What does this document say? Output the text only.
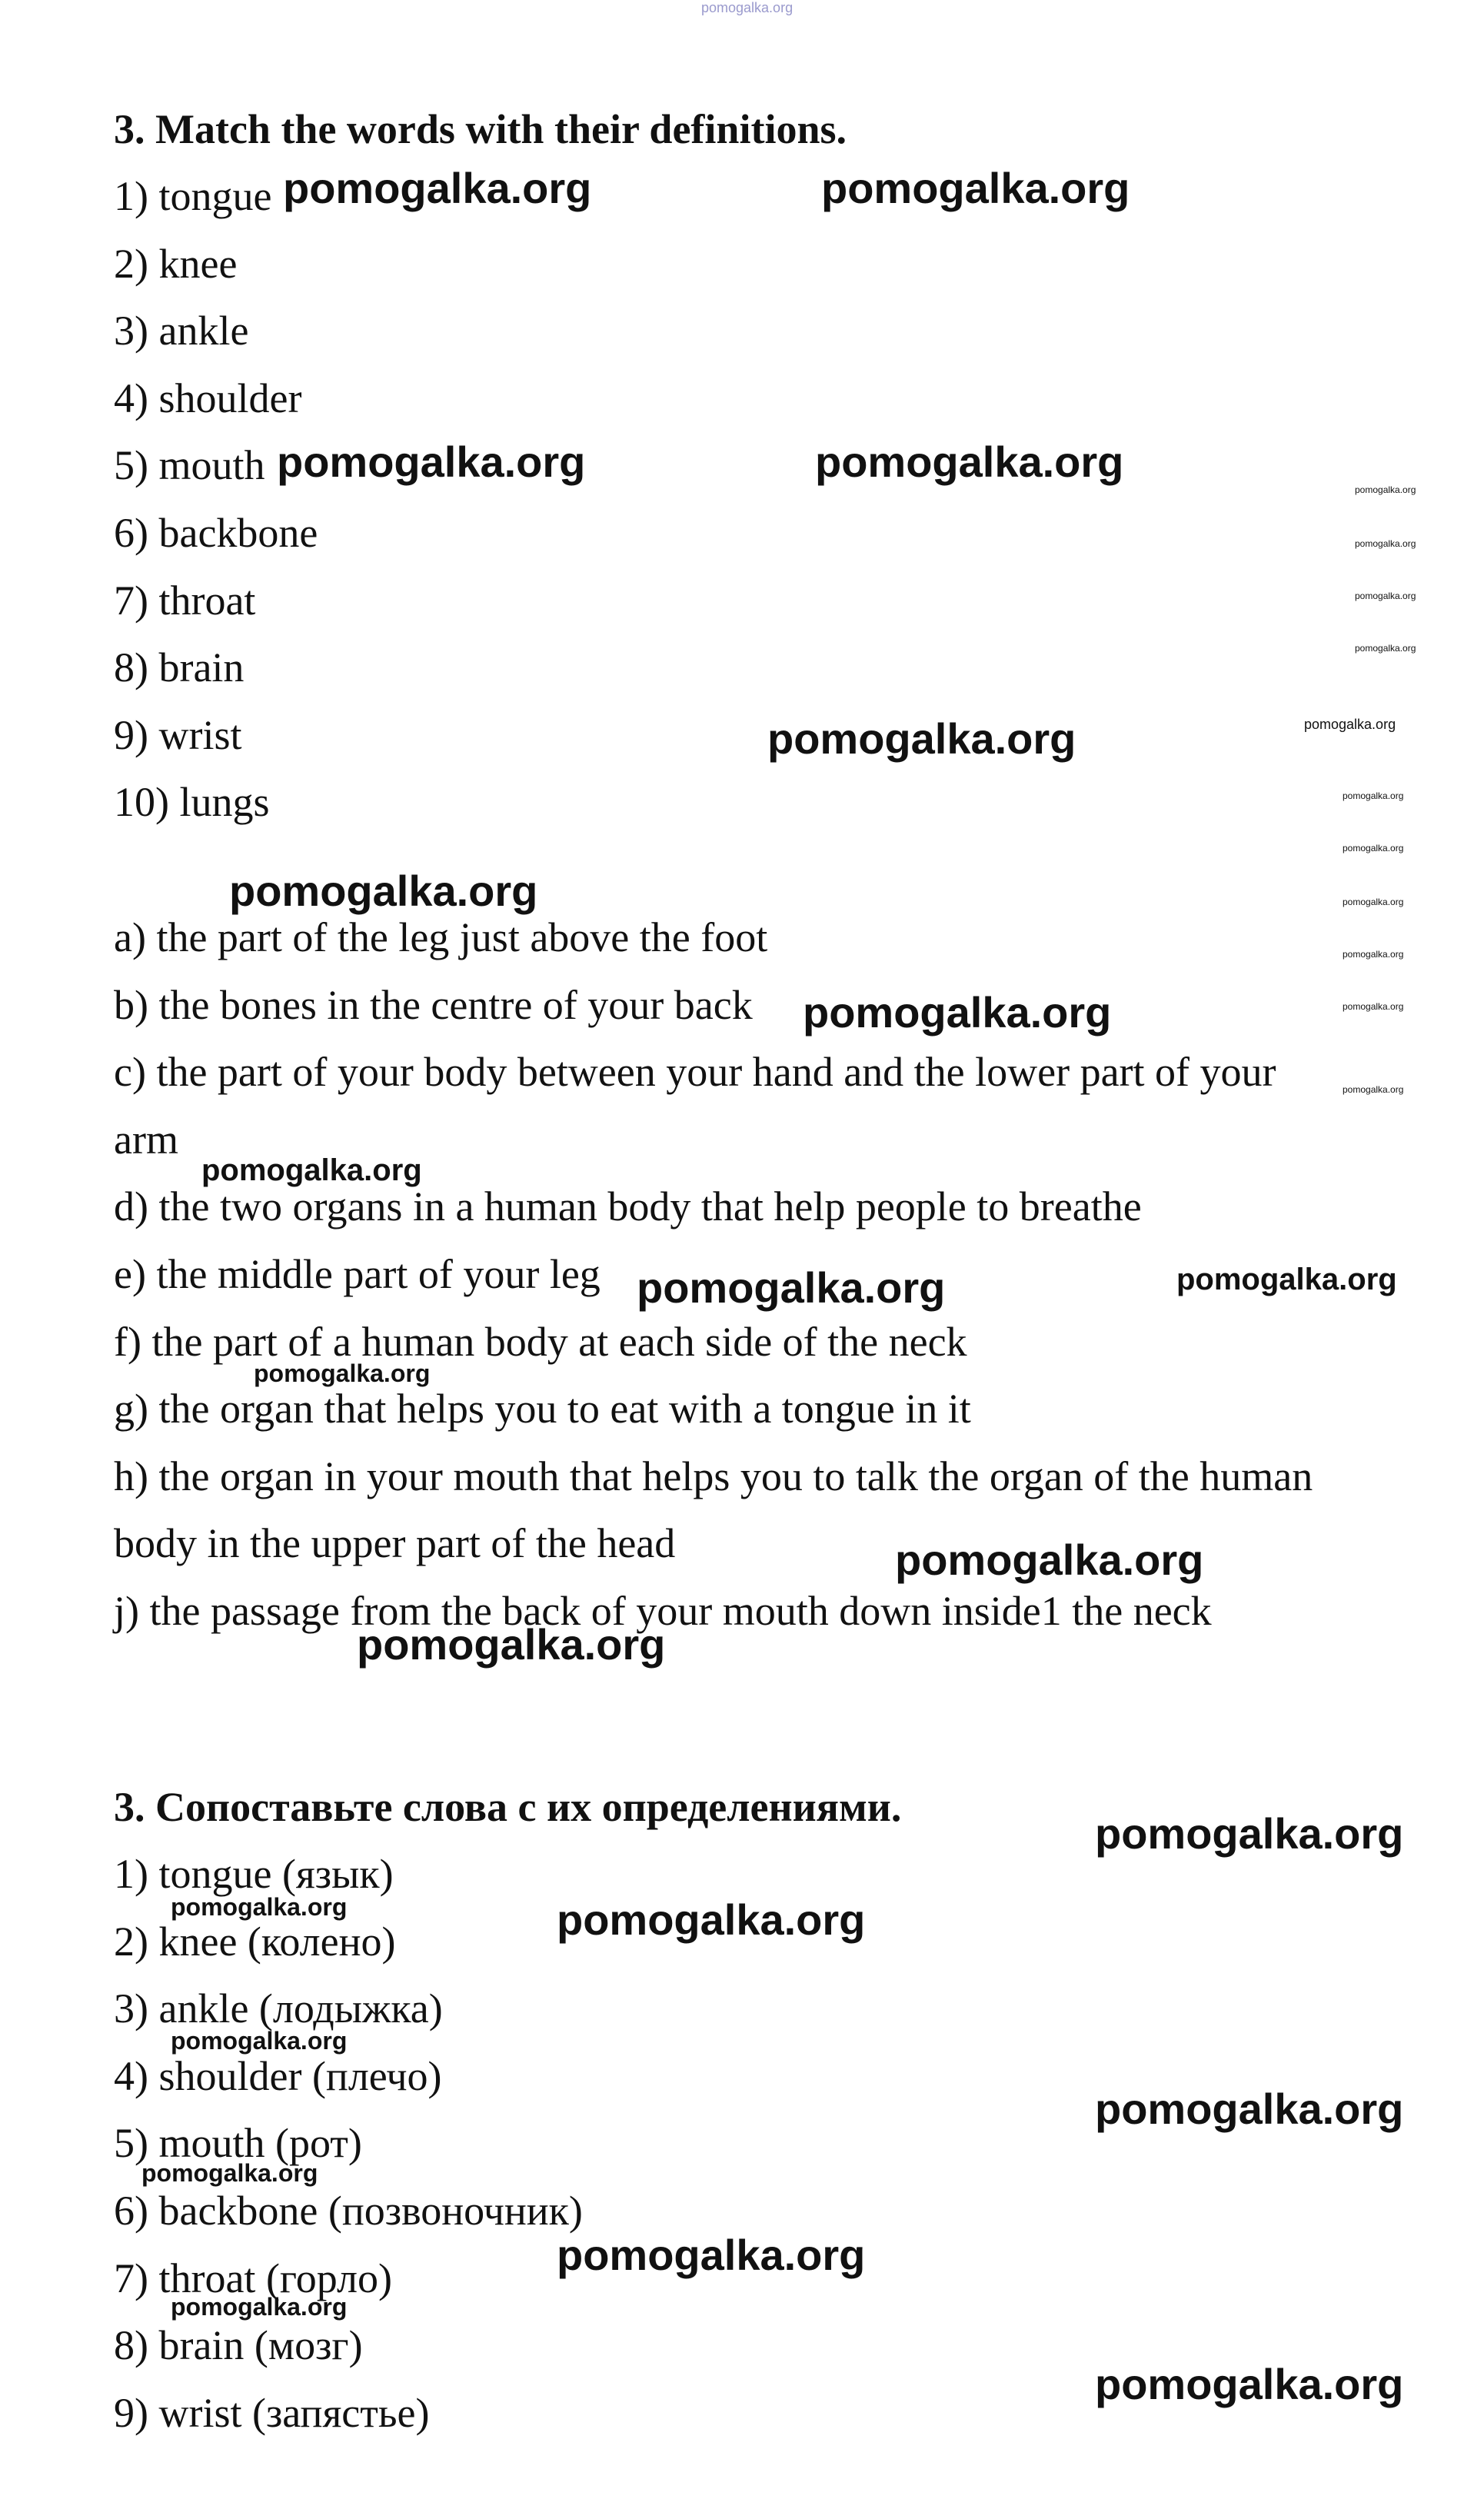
pomogalka.org
3. Match the words with their definitions.
1) tongue
2) knee
3) ankle
4) shoulder
5) mouth
6) backbone
7) throat
8) brain
9) wrist
10) lungs
a) the part of the leg just above the foot
b) the bones in the centre of your back
c) the part of your body between your hand and the lower part of your
arm
d) the two organs in a human body that help people to breathe
e) the middle part of your leg
f) the part of a human body at each side of the neck
g) the organ that helps you to eat with a tongue in it
h) the organ in your mouth that helps you to talk the organ of the human
body in the upper part of the head
j) the passage from the back of your mouth down inside1 the neck
3. Сопоставьте слова с их определениями.
1) tongue (язык)
2) knee (колено)
3) ankle (лодыжка)
4) shoulder (плечо)
5) mouth (рот)
6) backbone (позвоночник)
7) throat (горло)
8) brain (мозг)
9) wrist (запястье)
pomogalka.org	pomogalka.org
pomogalka.org	pomogalka.org
pomogalka.org
pomogalka.org
pomogalka.org
pomogalka.org
pomogalka.org	pomogalka.org
pomogalka.org
pomogalka.org
pomogalka.org
pomogalka.org
pomogalka.org
pomogalka.org
pomogalka.org
pomogalka.org
pomogalka.org
pomogalka.org
pomogalka.org
pomogalka.org
pomogalka.org
pomogalka.org
pomogalka.org
pomogalka.org
pomogalka.org
pomogalka.org
pomogalka.org
pomogalka.org
pomogalka.org
pomogalka.org
pomogalka.org
